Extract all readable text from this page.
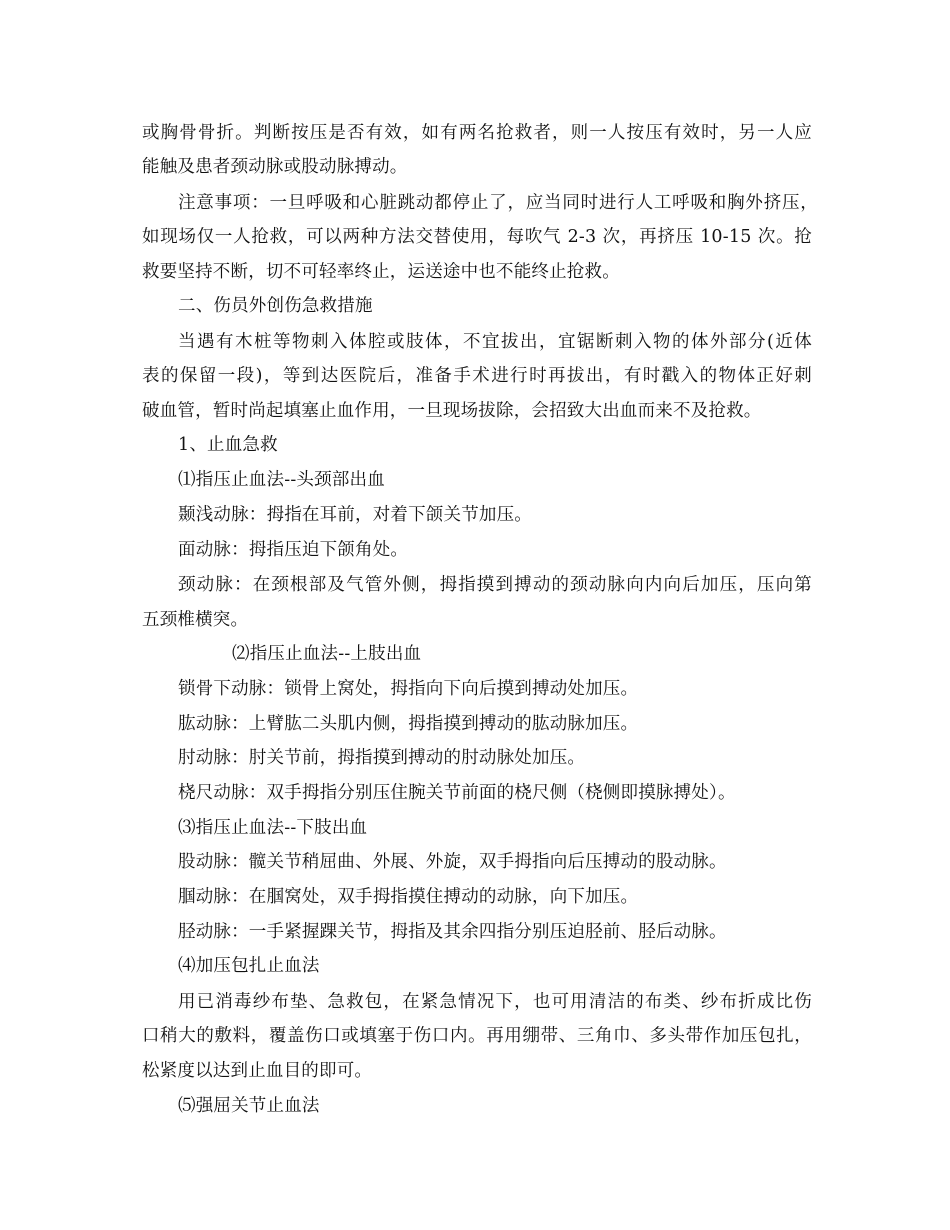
或胸骨骨折。判断按压是否有效，如有两名抢救者，则一人按压有效时，另一人应
能触及患者颈动脉或股动脉搏动。
注意事项：一旦呼吸和心脏跳动都停止了，应当同时进行人工呼吸和胸外挤压，
如现场仅一人抢救，可以两种方法交替使用，每吹气 2-3 次，再挤压 10-15 次。抢
救要坚持不断，切不可轻率终止，运送途中也不能终止抢救。
二、伤员外创伤急救措施
当遇有木桩等物刺入体腔或肢体，不宜拔出，宜锯断刺入物的体外部分(近体
表的保留一段)，等到达医院后，准备手术进行时再拔出，有时戳入的物体正好刺
破血管，暂时尚起填塞止血作用，一旦现场拔除，会招致大出血而来不及抢救。
1、止血急救
⑴指压止血法--头颈部出血
颞浅动脉：拇指在耳前，对着下颌关节加压。
面动脉：拇指压迫下颌角处。
颈动脉：在颈根部及气管外侧，拇指摸到搏动的颈动脉向内向后加压，压向第
五颈椎横突。
⑵指压止血法--上肢出血
锁骨下动脉：锁骨上窝处，拇指向下向后摸到搏动处加压。
肱动脉：上臂肱二头肌内侧，拇指摸到搏动的肱动脉加压。
肘动脉：肘关节前，拇指摸到搏动的肘动脉处加压。
桡尺动脉：双手拇指分别压住腕关节前面的桡尺侧（桡侧即摸脉搏处）。
⑶指压止血法--下肢出血
股动脉：髋关节稍屈曲、外展、外旋，双手拇指向后压搏动的股动脉。
腘动脉：在腘窝处，双手拇指摸住搏动的动脉，向下加压。
胫动脉：一手紧握踝关节，拇指及其余四指分别压迫胫前、胫后动脉。
⑷加压包扎止血法
用已消毒纱布垫、急救包，在紧急情况下，也可用清洁的布类、纱布折成比伤
口稍大的敷料，覆盖伤口或填塞于伤口内。再用绷带、三角巾、多头带作加压包扎，
松紧度以达到止血目的即可。
⑸强屈关节止血法
